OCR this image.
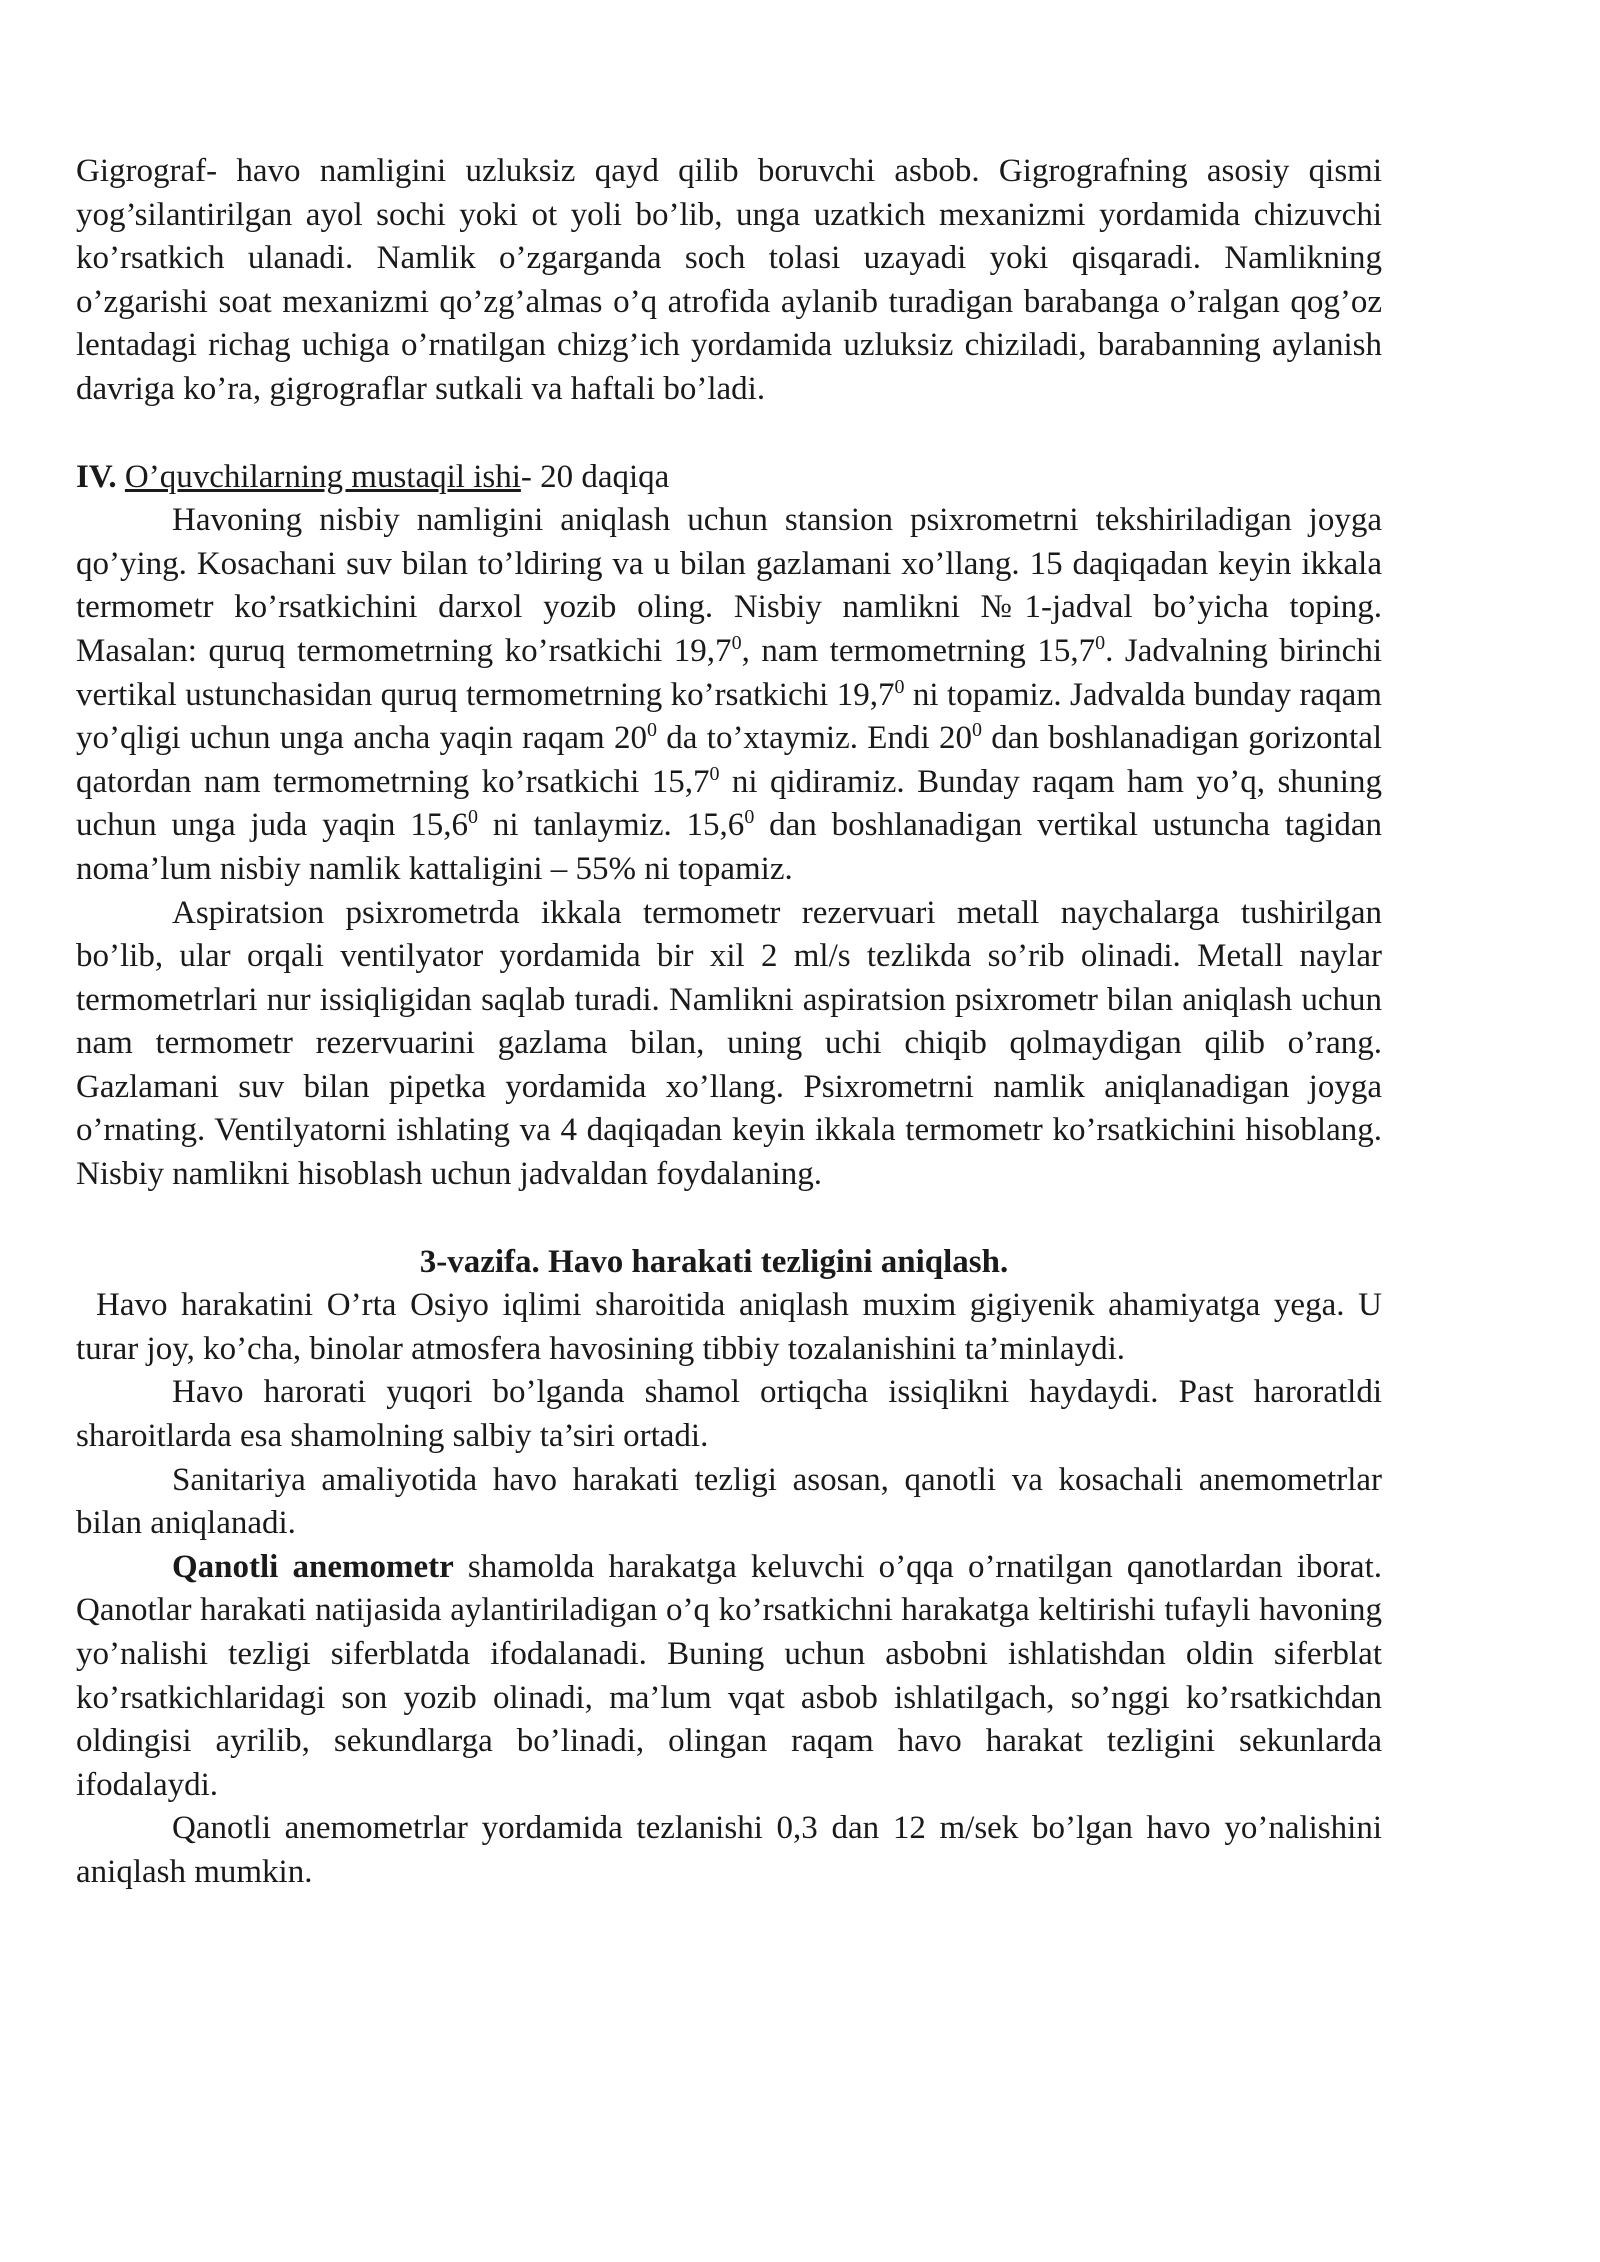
Gigrograf- havo namligini uzluksiz qayd qilib boruvchi asbob. Gigrografning asosiy qismi yog’silantirilgan ayol sochi yoki ot yoli bo’lib, unga uzatkich mexanizmi yordamida chizuvchi ko’rsatkich ulanadi. Namlik o’zgarganda soch tolasi uzayadi yoki qisqaradi. Namlikning o’zgarishi soat mexanizmi qo’zg’almas o’q atrofida aylanib turadigan barabanga o’ralgan qog’oz lentadagi richag uchiga o’rnatilgan chizg’ich yordamida uzluksiz chiziladi, barabanning aylanish davriga ko’ra, gigrograflar sutkali va haftali bo’ladi.

IV. O’quvchilarning mustaqil ishi- 20 daqiqa

Havoning nisbiy namligini aniqlash uchun stansion psixrometrni tekshiriladigan joyga qo’ying. Kosachani suv bilan to’ldiring va u bilan gazlamani xo’llang. 15 daqiqadan keyin ikkala termometr ko’rsatkichini darxol yozib oling. Nisbiy namlikni №1-jadval bo’yicha toping. Masalan: quruq termometrning ko’rsatkichi 19,7$^0$, nam termometrning 15,7$^0$. Jadvalning birinchi vertikal ustunchasidan quruq termometrning ko’rsatkichi 19,7$^0$ ni topamiz. Jadvalda bunday raqam yo’qligi uchun unga ancha yaqin raqam $20^0$ da to’xtaymiz. Endi $20^0$ dan boshlanadigan gorizontal qatordan nam termometrning ko’rsatkichi 15,7$^0$ ni qidiramiz. Bunday raqam ham yo’q, shuning uchun unga juda yaqin 15,6$^0$ ni tanlaymiz. 15,6$^0$ dan boshlanadigan vertikal ustuncha tagidan noma’lum nisbiy namlik kattaligini – 55% ni topamiz.

Aspiratsion psixrometrda ikkala termometr rezervuari metall naychalarga tushirilgan bo’lib, ular orqali ventilyator yordamida bir xil 2 ml/s tezlikda so’rib olinadi. Metall naylar termometrlari nur issiqligidan saqlab turadi. Namlikni aspiratsion psixrometr bilan aniqlash uchun nam termometr rezervuarini gazlama bilan, uning uchi chiqib qolmaydigan qilib o’rang. Gazlamani suv bilan pipetka yordamida xo’llang. Psixrometrni namlik aniqlanadigan joyga o’rnating. Ventilyatorni ishlating va 4 daqiqadan keyin ikkala termometr ko’rsatkichini hisoblang. Nisbiy namlikni hisoblash uchun jadvaldan foydalaning.

3-vazifa. Havo harakati tezligini aniqlash.

Havo harakatini O’rta Osiyo iqlimi sharoitida aniqlash muxim gigiyenik ahamiyatga yega. U turar joy, ko’cha, binolar atmosfera havosining tibbiy tozalanishini ta’minlaydi.

Havo harorati yuqori bo’lganda shamol ortiqcha issiqlikni haydaydi. Past haroratldi sharoitlarda esa shamolning salbiy ta’siri ortadi.

Sanitariya amaliyotida havo harakati tezligi asosan, qanotli va kosachali anemometrlar bilan aniqlanadi.

Qanotli anemometr shamolda harakatga keluvchi o’qqa o’rnatilgan qanotlardan iborat. Qanotlar harakati natijasida aylantiriladigan o’q ko’rsatkichni harakatga keltirishi tufayli havoning yo’nalishi tezligi siferblatda ifodalanadi. Buning uchun asbobni ishlatishdan oldin siferblat ko’rsatkichlaridagi son yozib olinadi, ma’lum vqat asbob ishlatilgach, so’nggi ko’rsatkichdan oldingisi ayrilib, sekundlarga bo’linadi, olingan raqam havo harakat tezligini sekunlarda ifodalaydi.

Qanotli anemometrlar yordamida tezlanishi 0,3 dan 12 m/sek bo’lgan havo yo’nalishini aniqlash mumkin.
